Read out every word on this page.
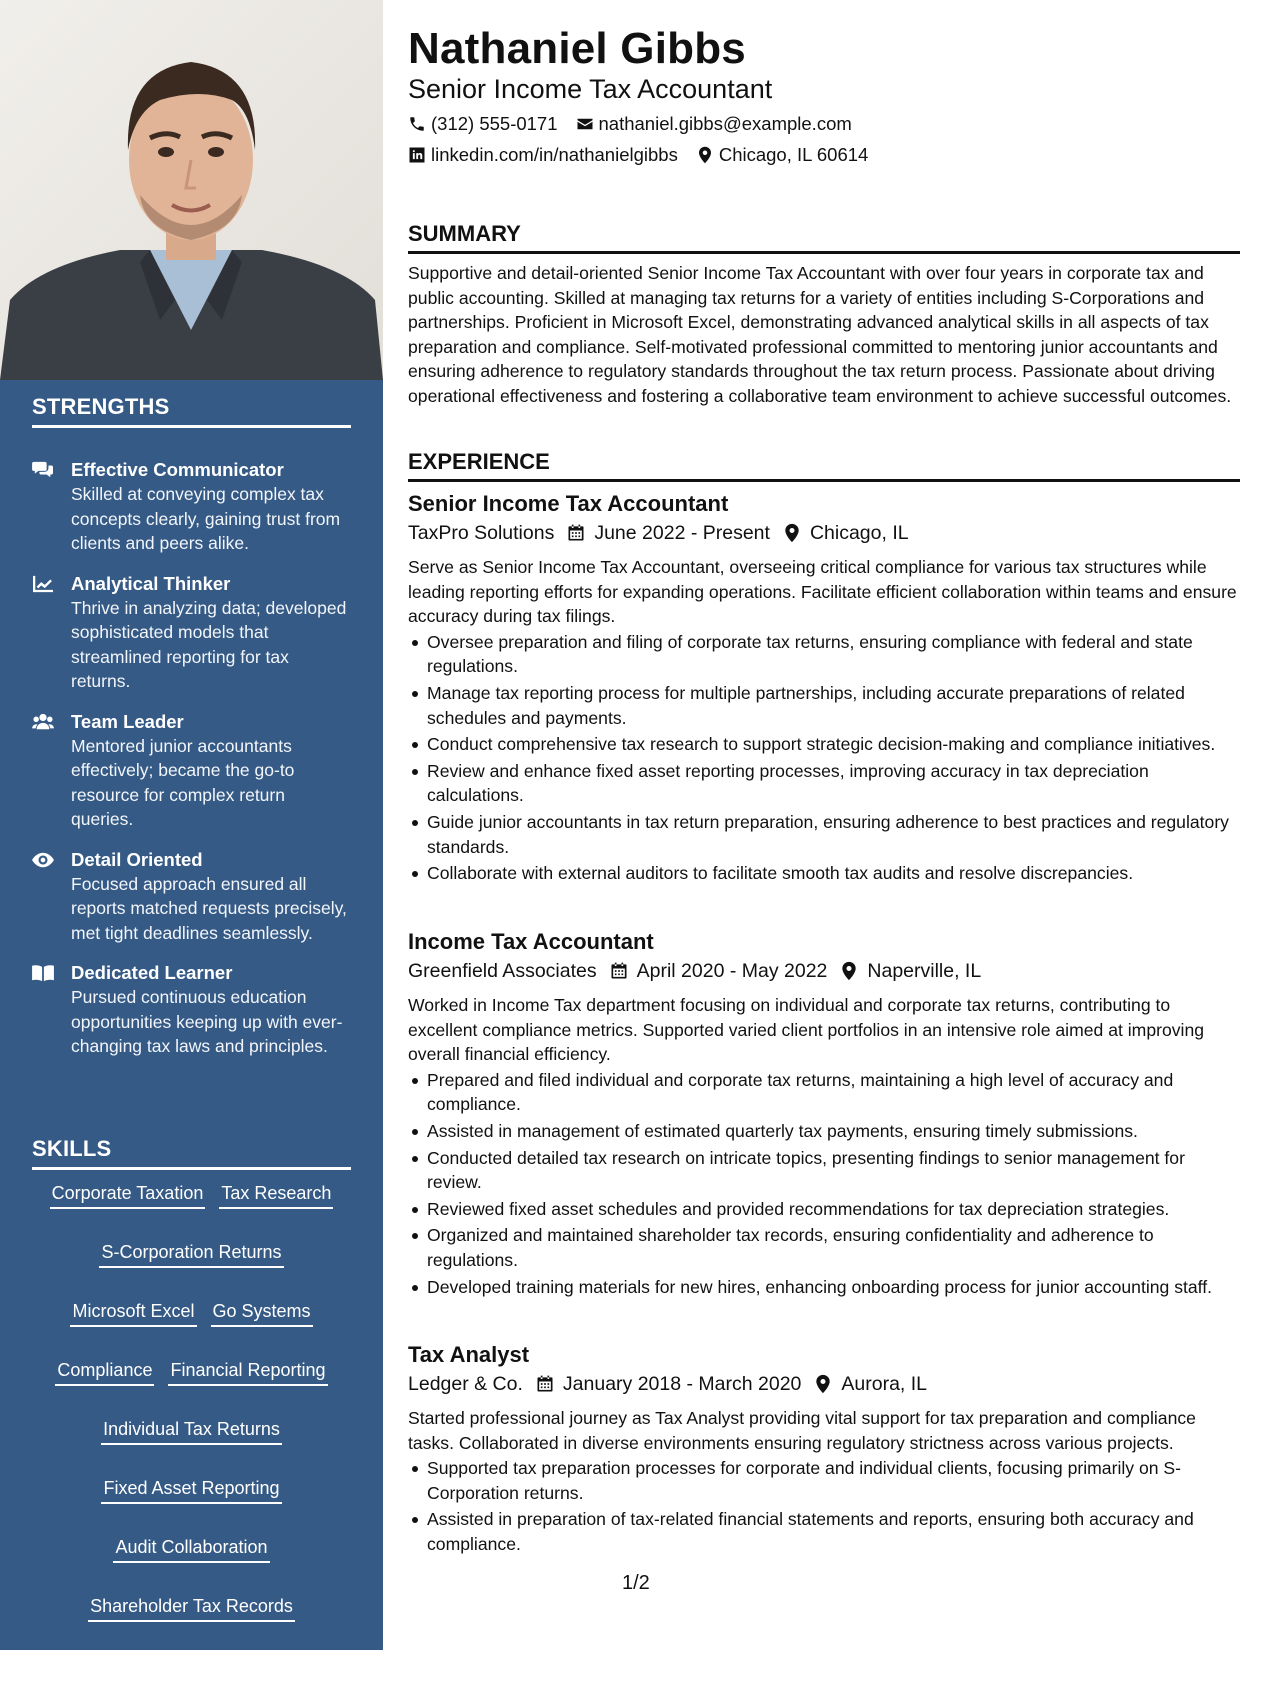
STRENGTHS
Effective Communicator
Skilled at conveying complex tax concepts clearly, gaining trust from clients and peers alike.
Analytical Thinker
Thrive in analyzing data; developed sophisticated models that streamlined reporting for tax returns.
Team Leader
Mentored junior accountants effectively; became the go-to resource for complex return queries.
Detail Oriented
Focused approach ensured all reports matched requests precisely, met tight deadlines seamlessly.
Dedicated Learner
Pursued continuous education opportunities keeping up with ever-changing tax laws and principles.
SKILLS
Corporate Taxation Tax Research
S-Corporation Returns
Microsoft Excel Go Systems
Compliance Financial Reporting
Individual Tax Returns
Fixed Asset Reporting
Audit Collaboration
Shareholder Tax Records
Quarterly Payments
Nathaniel Gibbs
Senior Income Tax Accountant
(312) 555-0171 nathaniel.gibbs@example.com
linkedin.com/in/nathanielgibbs Chicago, IL 60614
SUMMARY
Supportive and detail-oriented Senior Income Tax Accountant with over four years in corporate tax and public accounting. Skilled at managing tax returns for a variety of entities including S-Corporations and partnerships. Proficient in Microsoft Excel, demonstrating advanced analytical skills in all aspects of tax preparation and compliance. Self-motivated professional committed to mentoring junior accountants and ensuring adherence to regulatory standards throughout the tax return process. Passionate about driving operational effectiveness and fostering a collaborative team environment to achieve successful outcomes.
EXPERIENCE
Senior Income Tax Accountant
TaxPro Solutions June 2022 - Present Chicago, IL
Serve as Senior Income Tax Accountant, overseeing critical compliance for various tax structures while leading reporting efforts for expanding operations. Facilitate efficient collaboration within teams and ensure accuracy during tax filings.
Oversee preparation and filing of corporate tax returns, ensuring compliance with federal and state regulations.
Manage tax reporting process for multiple partnerships, including accurate preparations of related schedules and payments.
Conduct comprehensive tax research to support strategic decision-making and compliance initiatives.
Review and enhance fixed asset reporting processes, improving accuracy in tax depreciation calculations.
Guide junior accountants in tax return preparation, ensuring adherence to best practices and regulatory standards.
Collaborate with external auditors to facilitate smooth tax audits and resolve discrepancies.
Income Tax Accountant
Greenfield Associates April 2020 - May 2022 Naperville, IL
Worked in Income Tax department focusing on individual and corporate tax returns, contributing to excellent compliance metrics. Supported varied client portfolios in an intensive role aimed at improving overall financial efficiency.
Prepared and filed individual and corporate tax returns, maintaining a high level of accuracy and compliance.
Assisted in management of estimated quarterly tax payments, ensuring timely submissions.
Conducted detailed tax research on intricate topics, presenting findings to senior management for review.
Reviewed fixed asset schedules and provided recommendations for tax depreciation strategies.
Organized and maintained shareholder tax records, ensuring confidentiality and adherence to regulations.
Developed training materials for new hires, enhancing onboarding process for junior accounting staff.
Tax Analyst
Ledger & Co. January 2018 - March 2020 Aurora, IL
Started professional journey as Tax Analyst providing vital support for tax preparation and compliance tasks. Collaborated in diverse environments ensuring regulatory strictness across various projects.
Supported tax preparation processes for corporate and individual clients, focusing primarily on S-Corporation returns.
Assisted in preparation of tax-related financial statements and reports, ensuring both accuracy and compliance.
1/2
